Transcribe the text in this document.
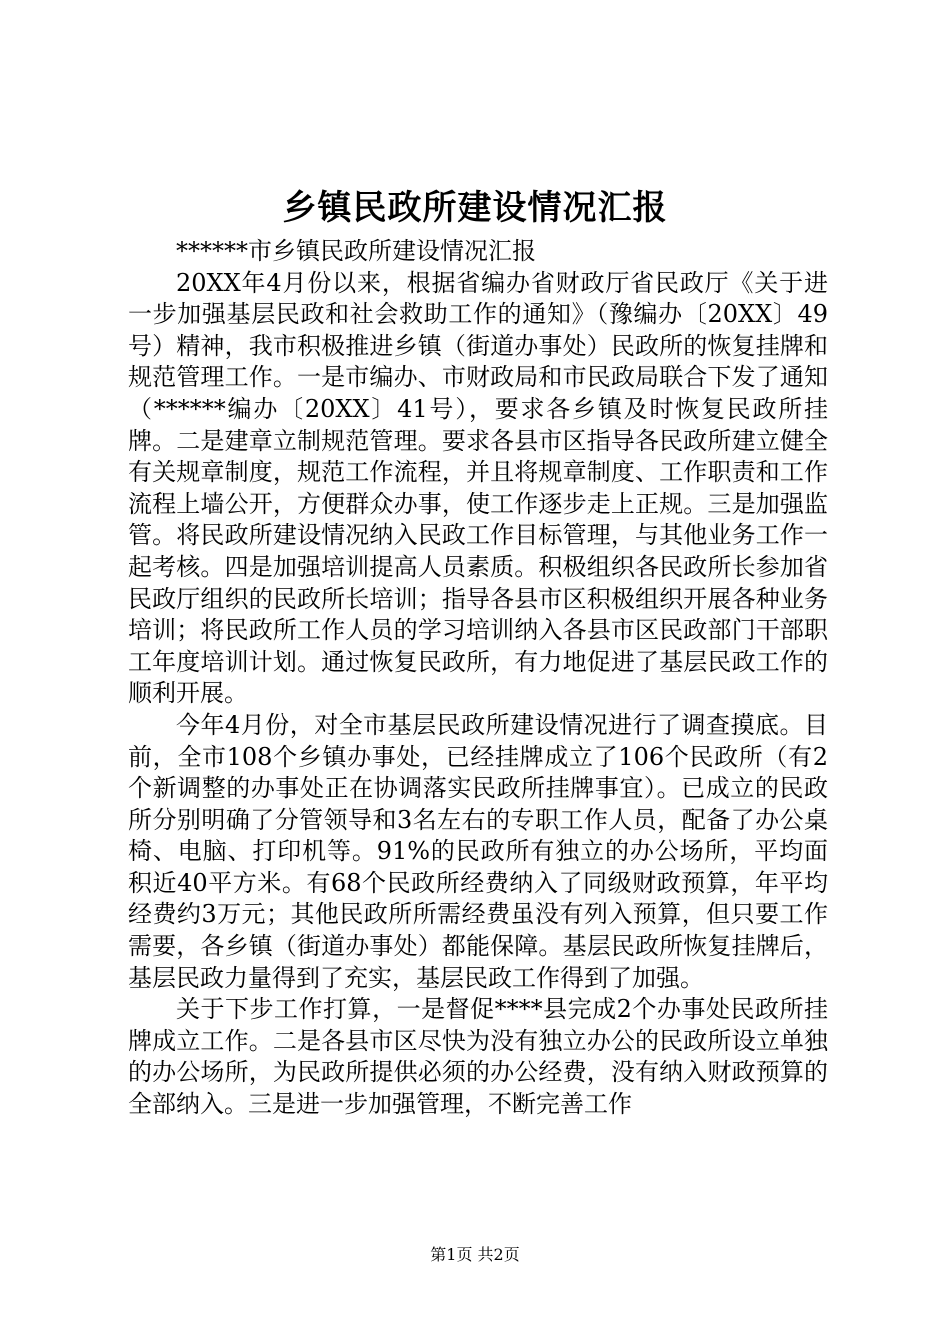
乡镇民政所建设情况汇报

******市乡镇民政所建设情况汇报

20XX年4月份以来，根据省编办省财政厅省民政厅《关于进一步加强基层民政和社会救助工作的通知》（豫编办〔20XX〕49号）精神，我市积极推进乡镇（街道办事处）民政所的恢复挂牌和规范管理工作。一是市编办、市财政局和市民政局联合下发了通知（******编办〔20XX〕41号），要求各乡镇及时恢复民政所挂牌。二是建章立制规范管理。要求各县市区指导各民政所建立健全有关规章制度，规范工作流程，并且将规章制度、工作职责和工作流程上墙公开，方便群众办事，使工作逐步走上正规。三是加强监管。将民政所建设情况纳入民政工作目标管理，与其他业务工作一起考核。四是加强培训提高人员素质。积极组织各民政所长参加省民政厅组织的民政所长培训；指导各县市区积极组织开展各种业务培训；将民政所工作人员的学习培训纳入各县市区民政部门干部职工年度培训计划。通过恢复民政所，有力地促进了基层民政工作的顺利开展。

今年4月份，对全市基层民政所建设情况进行了调查摸底。目前，全市108个乡镇办事处，已经挂牌成立了106个民政所（有2个新调整的办事处正在协调落实民政所挂牌事宜）。已成立的民政所分别明确了分管领导和3名左右的专职工作人员，配备了办公桌椅、电脑、打印机等。91%的民政所有独立的办公场所，平均面积近40平方米。有68个民政所经费纳入了同级财政预算，年平均经费约3万元；其他民政所所需经费虽没有列入预算，但只要工作需要，各乡镇（街道办事处）都能保障。基层民政所恢复挂牌后，基层民政力量得到了充实，基层民政工作得到了加强。

关于下步工作打算，一是督促****县完成2个办事处民政所挂牌成立工作。二是各县市区尽快为没有独立办公的民政所设立单独的办公场所，为民政所提供必须的办公经费，没有纳入财政预算的全部纳入。三是进一步加强管理，不断完善工作

第1页 共2页
